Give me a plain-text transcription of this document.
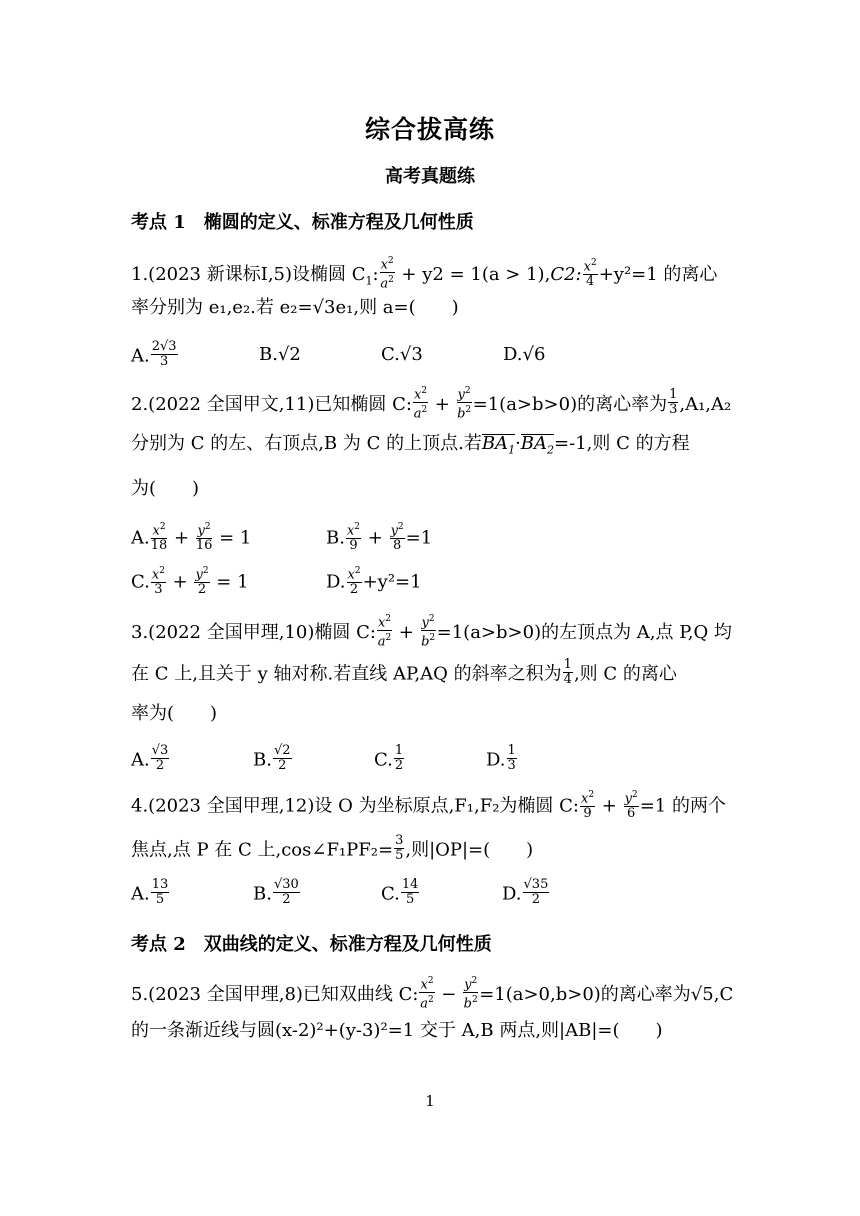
综合拔高练
高考真题练
考点 1　椭圆的定义、标准方程及几何性质
1.(2023 新课标Ⅰ,5)设椭圆 $C_1$: $\frac{x^2}{a^2} + y2 = 1(a > 1),C2$: $\frac{x^2}{4} +y^2=1$ 的离心
率分别为 e₁,e₂.若 e₂=√3e₁,则 a=(　　)
A. $\frac{2√3}{3}$	B.√2	C.√3	D.√6
2.(2022 全国甲文,11)已知椭圆 C: $\frac{x^2}{a^2} + \frac{y^2}{b^2} =1(a>b>0)$的离心率为 $\frac{1}{3} ,A_1,A_2$
分别为 C 的左、右顶点,B 为 C 的上顶点.若$BA_1\cdot BA_2=-1$,则 C 的方程
为(　　)
A. $\frac{x^2}{18} + \frac{y^2}{16} = 1$	B. $\frac{x^2}{9} + \frac{y^2}{8} =1$
C. $\frac{x^2}{3} + \frac{y^2}{2} = 1$	D. $\frac{x^2}{2} +y^2=1$
3.(2022 全国甲理,10)椭圆 C: $\frac{x^2}{a^2} + \frac{y^2}{b^2} =1(a>b>0)$的左顶点为 A,点 P,Q 均
在 C 上,且关于 y 轴对称.若直线 AP,AQ 的斜率之积为 $\frac{1}{4}$ ,则 C 的离心
率为(　　)
A. $\frac{√3}{2}$	B. $\frac{√2}{2}$	C. $\frac{1}{2}$	D. $\frac{1}{3}$
4.(2023 全国甲理,12)设 O 为坐标原点,F₁,F₂为椭圆 C: $\frac{x^2}{9} + \frac{y^2}{6} =1$ 的两个
焦点,点 P 在 C 上,cos∠F₁PF₂= $\frac{3}{5}$ ,则|OP|=(　　)
A. $\frac{13}{5}$	B. $\frac{√30}{2}$	C. $\frac{14}{5}$	D. $\frac{√35}{2}$
考点 2　双曲线的定义、标准方程及几何性质
5.(2023 全国甲理,8)已知双曲线 C: $\frac{x^2}{a^2} - \frac{y^2}{b^2} =1(a>0,b>0)$的离心率为√5,C
的一条渐近线与圆(x-2)²+(y-3)²=1 交于 A,B 两点,则|AB|=(　　)
1
